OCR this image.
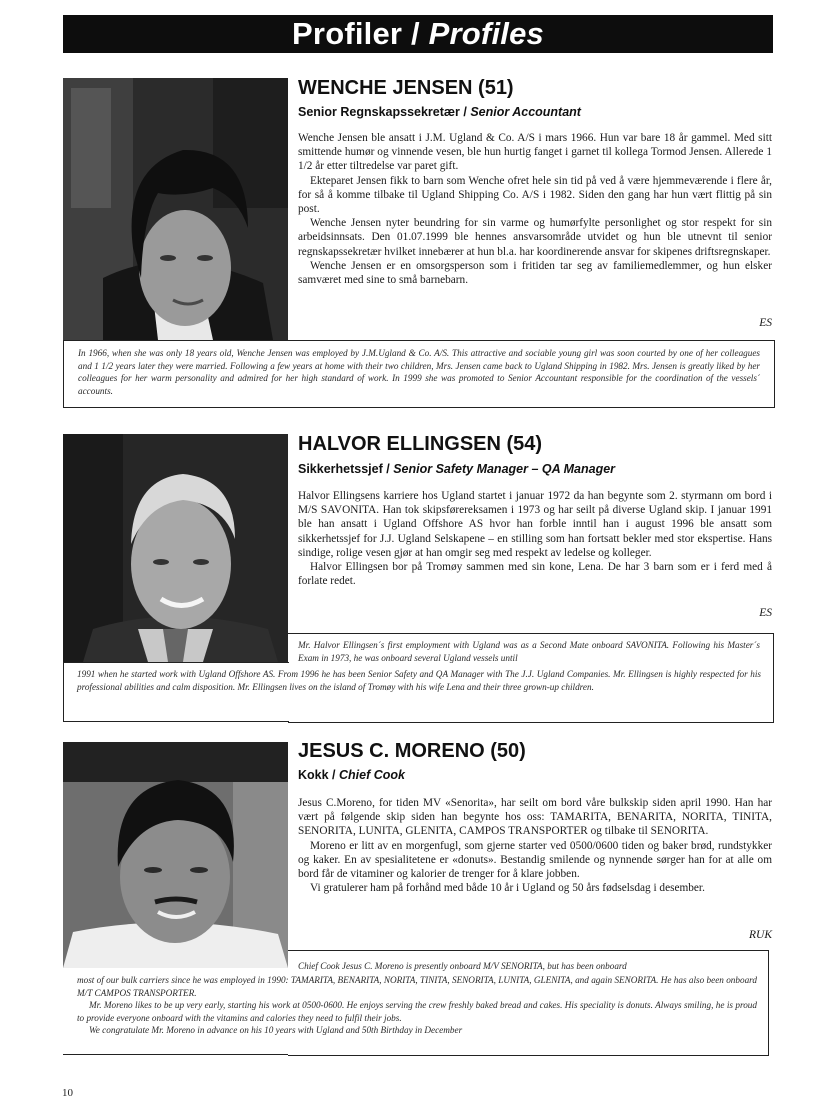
Profiler / Profiles
WENCHE JENSEN (51)
Senior Regnskapssekretær / Senior Accountant

Wenche Jensen ble ansatt i J.M. Ugland & Co. A/S i mars 1966. Hun var bare 18 år gammel. Med sitt smittende humør og vinnende vesen, ble hun hurtig fanget i garnet til kollega Tormod Jensen. Allerede 1 1/2 år etter tiltredelse var paret gift.

Ekteparet Jensen fikk to barn som Wenche ofret hele sin tid på ved å være hjemmeværende i flere år, for så å komme tilbake til Ugland Shipping Co. A/S i 1982. Siden den gang har hun vært flittig på sin post.

Wenche Jensen nyter beundring for sin varme og humørfylte personlighet og stor respekt for sin arbeidsinnsats. Den 01.07.1999 ble hennes ansvarsområde utvidet og hun ble utnevnt til senior regnskapssekretær hvilket innebærer at hun bl.a. har koordinerende ansvar for skipenes driftsregnskaper.

Wenche Jensen er en omsorgsperson som i fritiden tar seg av familiemedlemmer, og hun elsker samværet med sine to små barnebarn.

ES

In 1966, when she was only 18 years old, Wenche Jensen was employed by J.M.Ugland & Co. A/S. This attractive and sociable young girl was soon courted by one of her colleagues and 1 1/2 years later they were married. Following a few years at home with their two children, Mrs. Jensen came back to Ugland Shipping in 1982. Mrs. Jensen is greatly liked by her colleagues for her warm personality and admired for her high standard of work. In 1999 she was promoted to Senior Accountant responsible for the coordination of the vessels´ accounts.

HALVOR ELLINGSEN (54)
Sikkerhetssjef / Senior Safety Manager – QA Manager

Halvor Ellingsens karriere hos Ugland startet i januar 1972 da han begynte som 2. styrmann om bord i M/S SAVONITA. Han tok skipsførereksamen i 1973 og har seilt på diverse Ugland skip. I januar 1991 ble han ansatt i Ugland Offshore AS hvor han forble inntil han i august 1996 ble ansatt som sikkerhetssjef for J.J. Ugland Selskapene – en stilling som han fortsatt bekler med stor ekspertise. Hans sindige, rolige vesen gjør at han omgir seg med respekt av ledelse og kolleger.

Halvor Ellingsen bor på Tromøy sammen med sin kone, Lena. De har 3 barn som er i ferd med å forlate redet.

ES
Mr. Halvor Ellingsen´s first employment with Ugland was as a Second Mate onboard SAVONITA. Following his Master´s Exam in 1973, he was onboard several Ugland vessels until
1991 when he started work with Ugland Offshore AS. From 1996 he has been Senior Safety and QA Manager with The J.J. Ugland Companies. Mr. Ellingsen is highly respected for his professional abilities and calm disposition. Mr. Ellingsen lives on the island of Tromøy with his wife Lena and their three grown-up children.
JESUS C. MORENO (50)
Kokk / Chief Cook

Jesus C.Moreno, for tiden MV «Senorita», har seilt om bord våre bulkskip siden april 1990. Han har vært på følgende skip siden han begynte hos oss: TAMARITA, BENARITA, NORITA, TINITA, SENORITA, LUNITA, GLENITA, CAMPOS TRANSPORTER og tilbake til SENORITA.

Moreno er litt av en morgenfugl, som gjerne starter ved 0500/0600 tiden og baker brød, rundstykker og kaker. En av spesialitetene er «donuts». Bestandig smilende og nynnende sørger han for at alle om bord får de vitaminer og kalorier de trenger for å klare jobben.

Vi gratulerer ham på forhånd med både 10 år i Ugland og 50 års fødselsdag i desember.

RUK
Chief Cook Jesus C. Moreno is presently onboard M/V SENORITA, but has been onboard

most of our bulk carriers since he was employed in 1990: TAMARITA, BENARITA, NORITA, TINITA, SENORITA, LUNITA, GLENITA, and again SENORITA. He has also been onboard M/T CAMPOS TRANSPORTER.

Mr. Moreno likes to be up very early, starting his work at 0500-0600. He enjoys serving the crew freshly baked bread and cakes. His speciality is donuts. Always smiling, he is proud to provide everyone onboard with the vitamins and calories they need to fulfil their jobs.

We congratulate Mr. Moreno in advance on his 10 years with Ugland and 50th Birthday in December

10
